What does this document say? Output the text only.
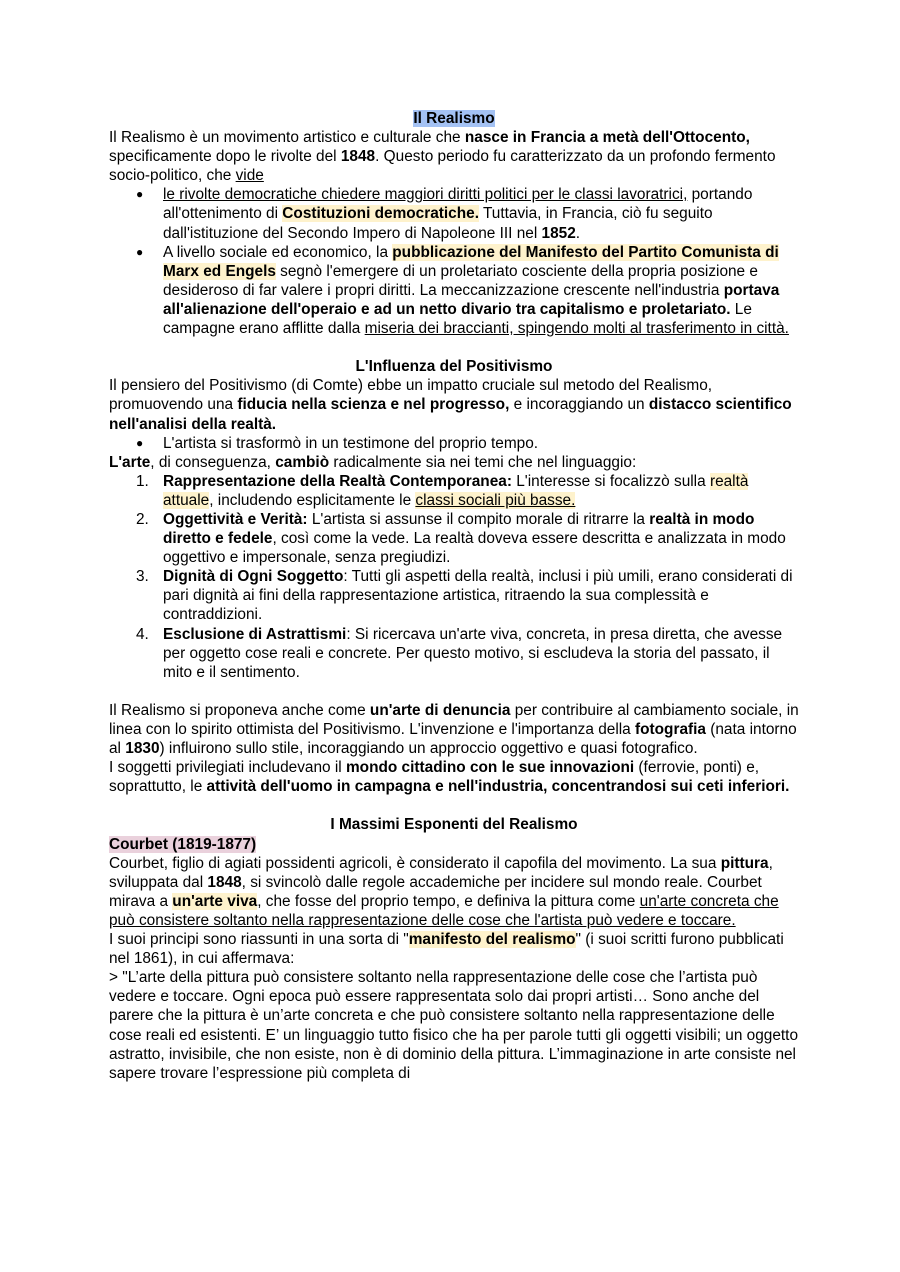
Il Realismo

Il Realismo è un movimento artistico e culturale che nasce in Francia a metà dell'Ottocento, specificamente dopo le rivolte del 1848. Questo periodo fu caratterizzato da un profondo fermento socio-politico, che vide

● le rivolte democratiche chiedere maggiori diritti politici per le classi lavoratrici, portando all'ottenimento di Costituzioni democratiche. Tuttavia, in Francia, ciò fu seguito dall'istituzione del Secondo Impero di Napoleone III nel 1852.
● A livello sociale ed economico, la pubblicazione del Manifesto del Partito Comunista di Marx ed Engels segnò l'emergere di un proletariato cosciente della propria posizione e desideroso di far valere i propri diritti. La meccanizzazione crescente nell'industria portava all'alienazione dell'operaio e ad un netto divario tra capitalismo e proletariato. Le campagne erano afflitte dalla miseria dei braccianti, spingendo molti al trasferimento in città.
L'Influenza del Positivismo

Il pensiero del Positivismo (di Comte) ebbe un impatto cruciale sul metodo del Realismo, promuovendo una fiducia nella scienza e nel progresso, e incoraggiando un distacco scientifico nell'analisi della realtà.

● L'artista si trasformò in un testimone del proprio tempo.

L'arte, di conseguenza, cambiò radicalmente sia nei temi che nel linguaggio:

1. Rappresentazione della Realtà Contemporanea: L'interesse si focalizzò sulla realtà attuale, includendo esplicitamente le classi sociali più basse.
2. Oggettività e Verità: L'artista si assunse il compito morale di ritrarre la realtà in modo diretto e fedele, così come la vede. La realtà doveva essere descritta e analizzata in modo oggettivo e impersonale, senza pregiudizi.
3. Dignità di Ogni Soggetto: Tutti gli aspetti della realtà, inclusi i più umili, erano considerati di pari dignità ai fini della rappresentazione artistica, ritraendo la sua complessità e contraddizioni.
4. Esclusione di Astrattismi: Si ricercava un'arte viva, concreta, in presa diretta, che avesse per oggetto cose reali e concrete. Per questo motivo, si escludeva la storia del passato, il mito e il sentimento.

Il Realismo si proponeva anche come un'arte di denuncia per contribuire al cambiamento sociale, in linea con lo spirito ottimista del Positivismo. L'invenzione e l'importanza della fotografia (nata intorno al 1830) influirono sullo stile, incoraggiando un approccio oggettivo e quasi fotografico.

I soggetti privilegiati includevano il mondo cittadino con le sue innovazioni (ferrovie, ponti) e, soprattutto, le attività dell'uomo in campagna e nell'industria, concentrandosi sui ceti inferiori.

I Massimi Esponenti del Realismo

Courbet (1819-1877)

Courbet, figlio di agiati possidenti agricoli, è considerato il capofila del movimento. La sua pittura, sviluppata dal 1848, si svincolò dalle regole accademiche per incidere sul mondo reale. Courbet mirava a un'arte viva, che fosse del proprio tempo, e definiva la pittura come un'arte concreta che può consistere soltanto nella rappresentazione delle cose che l'artista può vedere e toccare.

I suoi principi sono riassunti in una sorta di "manifesto del realismo" (i suoi scritti furono pubblicati nel 1861), in cui affermava:

> "L’arte della pittura può consistere soltanto nella rappresentazione delle cose che l’artista può vedere e toccare. Ogni epoca può essere rappresentata solo dai propri artisti… Sono anche del parere che la pittura è un’arte concreta e che può consistere soltanto nella rappresentazione delle cose reali ed esistenti. E’ un linguaggio tutto fisico che ha per parole tutti gli oggetti visibili; un oggetto astratto, invisibile, che non esiste, non è di dominio della pittura. L’immaginazione in arte consiste nel sapere trovare l’espressione più completa di
